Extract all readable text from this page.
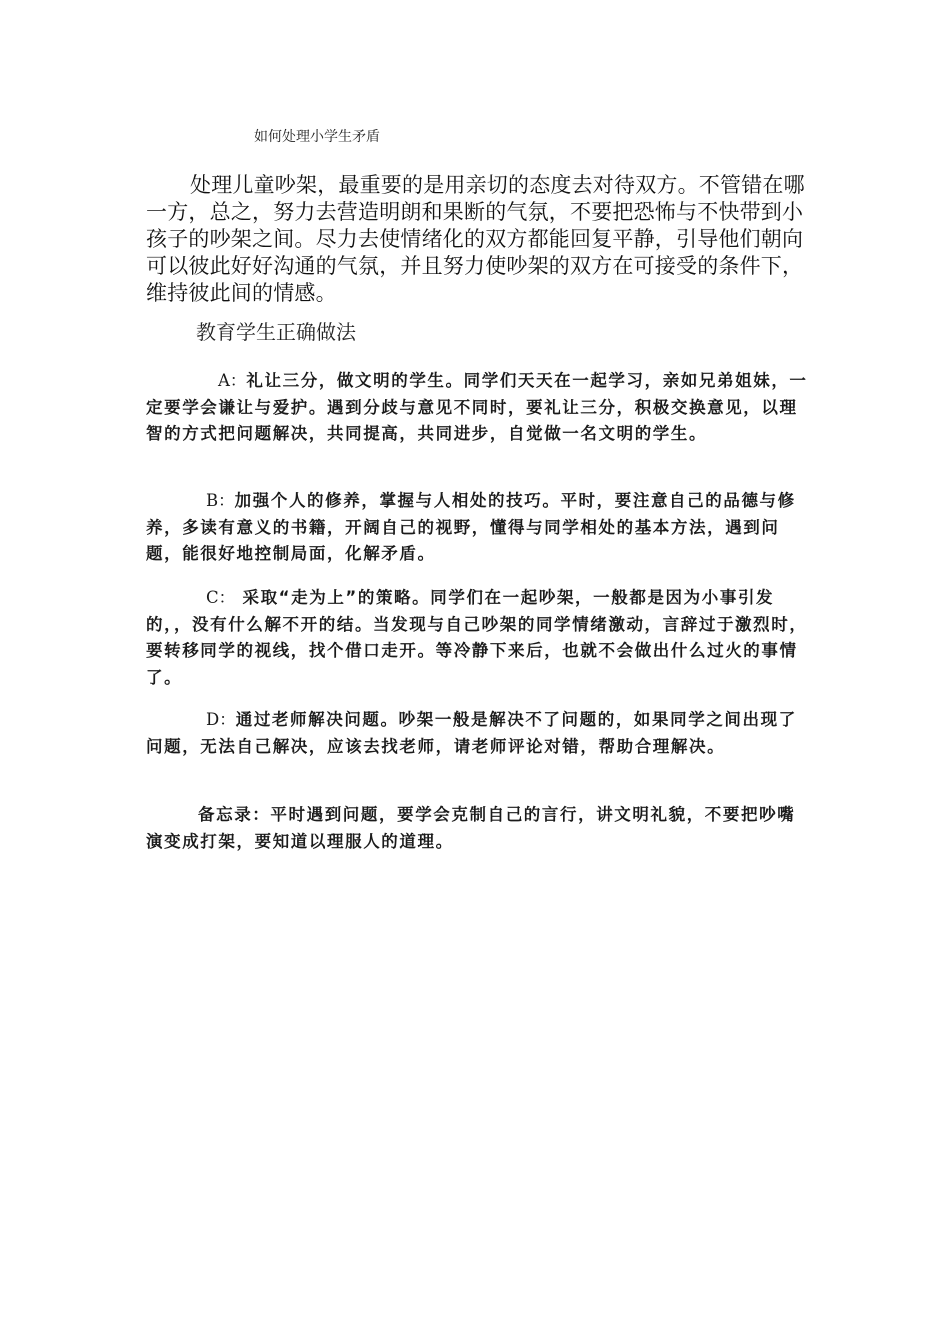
如何处理小学生矛盾

处理儿童吵架，最重要的是用亲切的态度去对待双方。不管错在哪一方，总之，努力去营造明朗和果断的气氛，不要把恐怖与不快带到小孩子的吵架之间。尽力去使情绪化的双方都能回复平静，引导他们朝向可以彼此好好沟通的气氛，并且努力使吵架的双方在可接受的条件下，维持彼此间的情感。

教育学生正确做法

A：礼让三分，做文明的学生。同学们天天在一起学习，亲如兄弟姐妹，一定要学会谦让与爱护。遇到分歧与意见不同时，要礼让三分，积极交换意见，以理智的方式把问题解决，共同提高，共同进步，自觉做一名文明的学生。

B：加强个人的修养，掌握与人相处的技巧。平时，要注意自己的品德与修养，多读有意义的书籍，开阔自己的视野，懂得与同学相处的基本方法，遇到问题，能很好地控制局面，化解矛盾。

C： 采取“走为上”的策略。同学们在一起吵架，一般都是因为小事引发的，，没有什么解不开的结。当发现与自己吵架的同学情绪激动，言辞过于激烈时，要转移同学的视线，找个借口走开。等冷静下来后，也就不会做出什么过火的事情了。

D：通过老师解决问题。吵架一般是解决不了问题的，如果同学之间出现了问题，无法自己解决，应该去找老师，请老师评论对错，帮助合理解决。

备忘录：平时遇到问题，要学会克制自己的言行，讲文明礼貌，不要把吵嘴演变成打架，要知道以理服人的道理。
